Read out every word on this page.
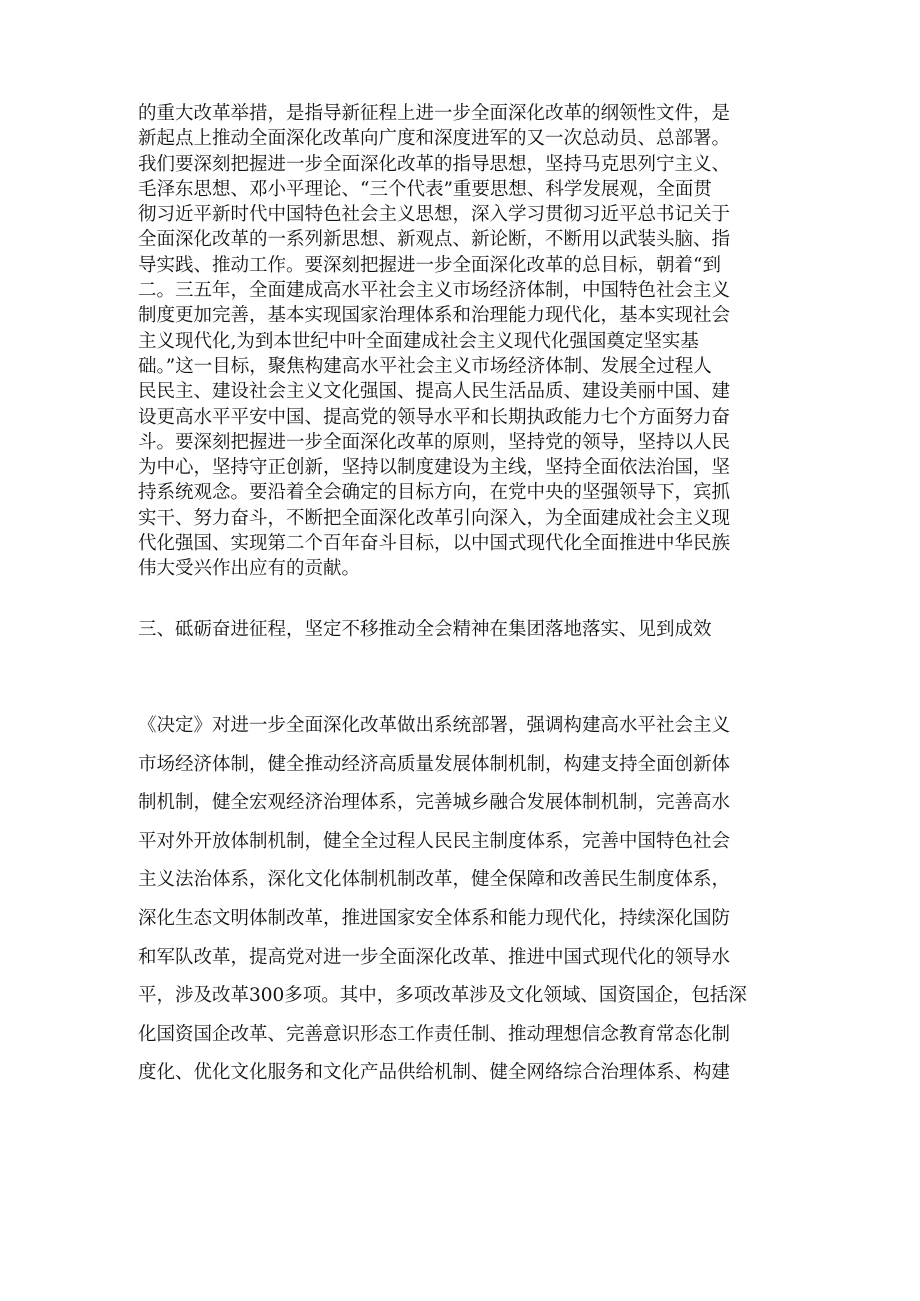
的重大改革举措，是指导新征程上进一步全面深化改革的纲领性文件，是
新起点上推动全面深化改革向广度和深度进军的又一次总动员、总部署。
我们要深刻把握进一步全面深化改革的指导思想，坚持马克思列宁主义、
毛泽东思想、邓小平理论、“三个代表”重要思想、科学发展观，全面贯
彻习近平新时代中国特色社会主义思想，深入学习贯彻习近平总书记关于
全面深化改革的一系列新思想、新观点、新论断，不断用以武装头脑、指
导实践、推动工作。要深刻把握进一步全面深化改革的总目标，朝着“到
二。三五年，全面建成高水平社会主义市场经济体制，中国特色社会主义
制度更加完善，基本实现国家治理体系和治理能力现代化，基本实现社会
主义现代化,为到本世纪中叶全面建成社会主义现代化强国奠定坚实基
础。”这一目标，聚焦构建高水平社会主义市场经济体制、发展全过程人
民民主、建设社会主义文化强国、提高人民生活品质、建设美丽中国、建
设更高水平平安中国、提高党的领导水平和长期执政能力七个方面努力奋
斗。要深刻把握进一步全面深化改革的原则，坚持党的领导，坚持以人民
为中心，坚持守正创新，坚持以制度建设为主线，坚持全面依法治国，坚
持系统观念。要沿着全会确定的目标方向，在党中央的坚强领导下，宾抓
实干、努力奋斗，不断把全面深化改革引向深入，为全面建成社会主义现
代化强国、实现第二个百年奋斗目标，以中国式现代化全面推进中华民族
伟大受兴作出应有的贡献。
三、砥砺奋进征程，坚定不移推动全会精神在集团落地落实、见到成效
《决定》对进一步全面深化改革做出系统部署，强调构建高水平社会主义
市场经济体制，健全推动经济高质量发展体制机制，构建支持全面创新体
制机制，健全宏观经济治理体系，完善城乡融合发展体制机制，完善高水
平对外开放体制机制，健全全过程人民民主制度体系，完善中国特色社会
主义法治体系，深化文化体制机制改革，健全保障和改善民生制度体系，
深化生态文明体制改革，推进国家安全体系和能力现代化，持续深化国防
和军队改革，提高党对进一步全面深化改革、推进中国式现代化的领导水
平，涉及改革300多项。其中，多项改革涉及文化领域、国资国企，包括深
化国资国企改革、完善意识形态工作责任制、推动理想信念教育常态化制
度化、优化文化服务和文化产品供给机制、健全网络综合治理体系、构建
